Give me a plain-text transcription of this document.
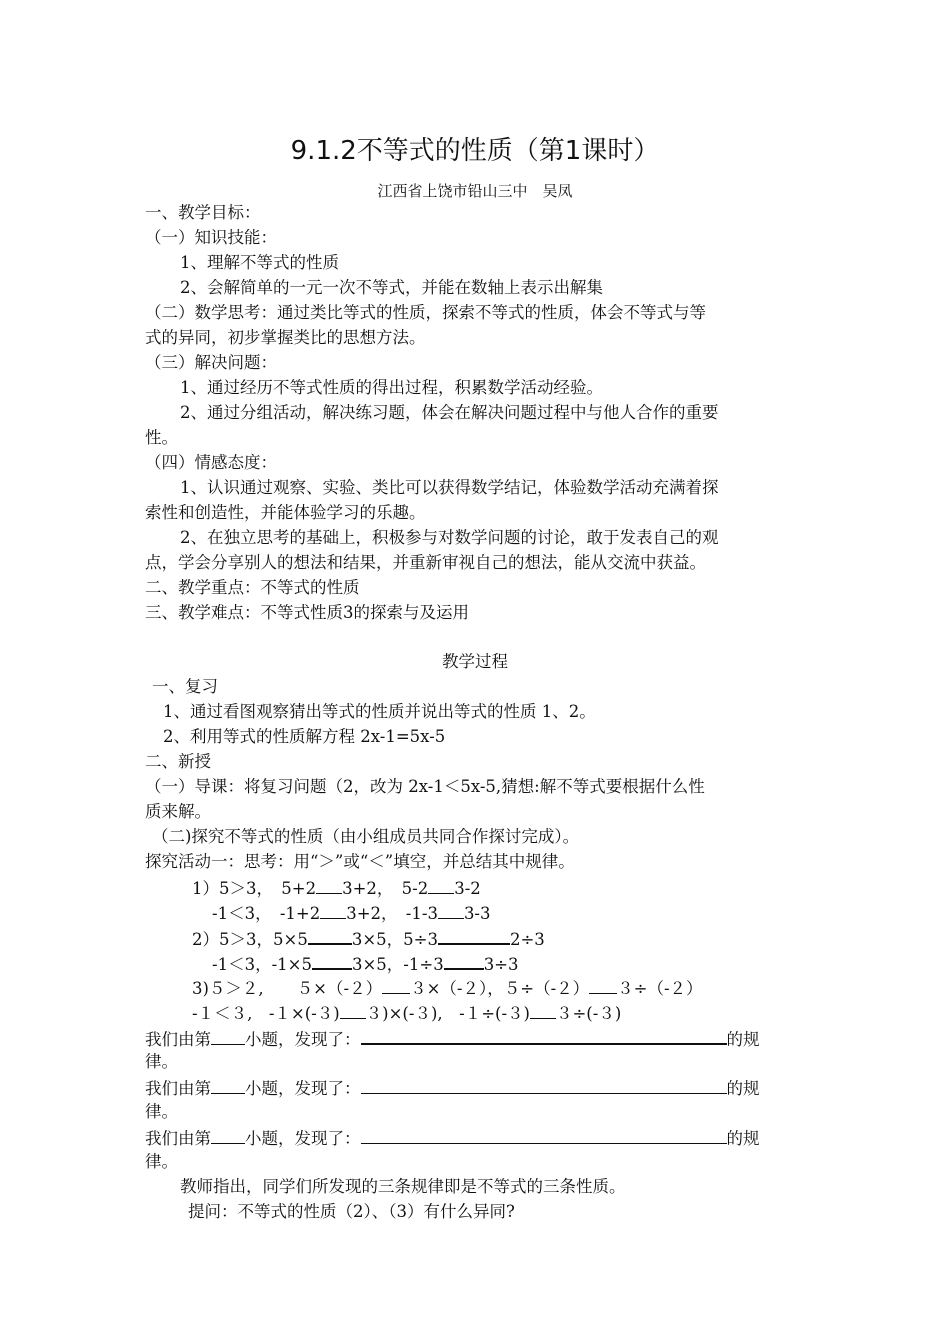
9.1.2不等式的性质（第1课时）
江西省上饶市铅山三中　吴凤
一、教学目标：
（一）知识技能：
1、理解不等式的性质
2、会解简单的一元一次不等式，并能在数轴上表示出解集
（二）数学思考：通过类比等式的性质，探索不等式的性质，体会不等式与等
式的异同，初步掌握类比的思想方法。
（三）解决问题：
1、通过经历不等式性质的得出过程，积累数学活动经验。
2、通过分组活动，解决练习题，体会在解决问题过程中与他人合作的重要
性。
（四）情感态度：
1、认识通过观察、实验、类比可以获得数学结记，体验数学活动充满着探
索性和创造性，并能体验学习的乐趣。
2、在独立思考的基础上，积极参与对数学问题的讨论，敢于发表自己的观
点，学会分享别人的想法和结果，并重新审视自己的想法，能从交流中获益。
二、教学重点：不等式的性质
三、教学难点：不等式性质3的探索与及运用
教学过程
一、复习
1、通过看图观察猜出等式的性质并说出等式的性质 1、2。
2、利用等式的性质解方程 2x-1=5x-5
二、新授
（一）导课：将复习问题（2，改为 2x-1＜5x-5,猜想:解不等式要根据什么性
质来解。
（二)探究不等式的性质（由小组成员共同合作探讨完成）。
探究活动一：思考：用“＞”或“＜”填空，并总结其中规律。
1）5＞3，　5+2 3+2，　5-2 3-2
-1＜3，　-1+2 3+2，　-1-3 3-3
2）5＞3，5×5	3×5，5÷3	2÷3
-1＜3，-1×5 3×5，-1÷3 3÷3
3)５＞２,　　５×（-２） ３×（-２），５÷（-２） ３÷（-２）
-１＜３,　-１×(-３) ３)×(-３),　-１÷(-３) ３÷(-３)
我们由第 小题，发现了：	的规
律。
我们由第 小题，发现了：	的规
律。
我们由第 小题，发现了：	的规
律。
教师指出，同学们所发现的三条规律即是不等式的三条性质。
提问：不等式的性质（2）、（3）有什么异同?
